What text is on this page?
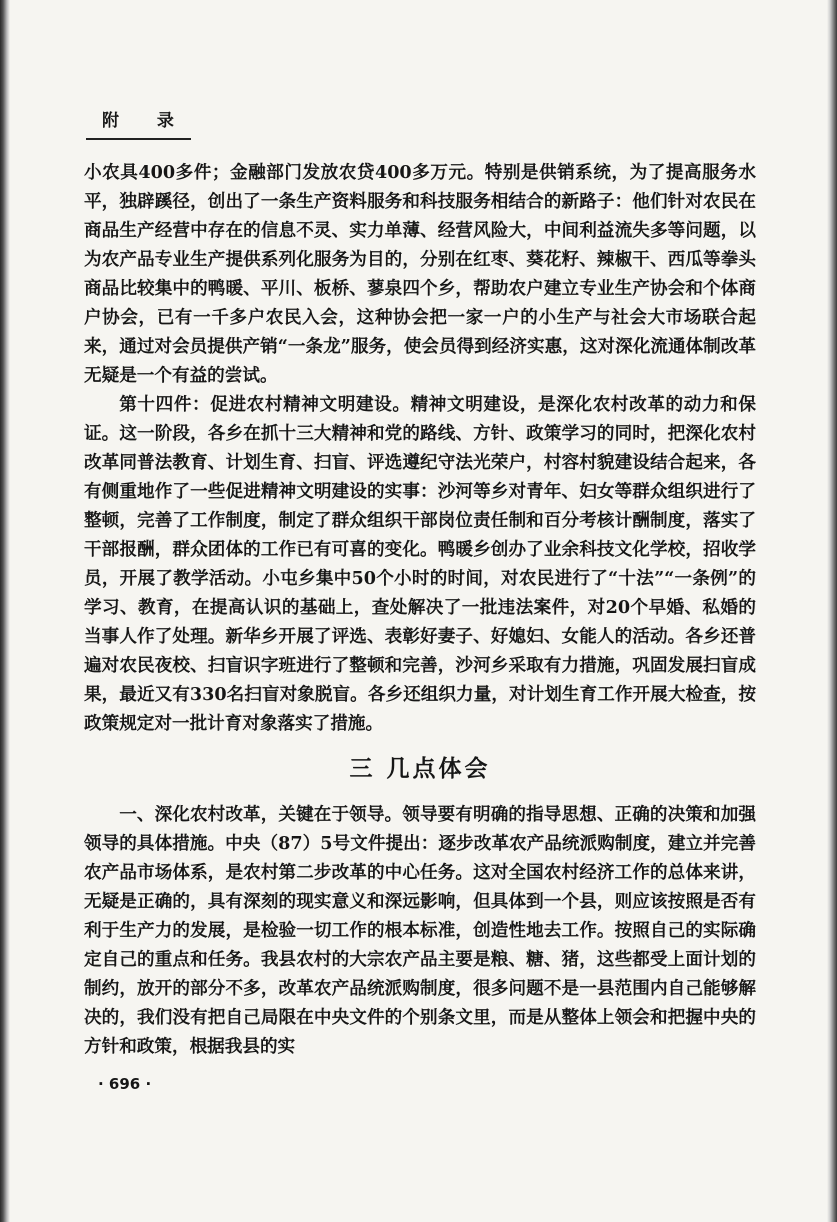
附 录

小农具400多件；金融部门发放农贷400多万元。特别是供销系统，为了提高服务水平，独辟蹊径，创出了一条生产资料服务和科技服务相结合的新路子：他们针对农民在商品生产经营中存在的信息不灵、实力单薄、经营风险大，中间利益流失多等问题，以为农产品专业生产提供系列化服务为目的，分别在红枣、葵花籽、辣椒干、西瓜等拳头商品比较集中的鸭暖、平川、板桥、蓼泉四个乡，帮助农户建立专业生产协会和个体商户协会，已有一千多户农民入会，这种协会把一家一户的小生产与社会大市场联合起来，通过对会员提供产销“一条龙”服务，使会员得到经济实惠，这对深化流通体制改革无疑是一个有益的尝试。

第十四件：促进农村精神文明建设。精神文明建设，是深化农村改革的动力和保证。这一阶段，各乡在抓十三大精神和党的路线、方针、政策学习的同时，把深化农村改革同普法教育、计划生育、扫盲、评选遵纪守法光荣户，村容村貌建设结合起来，各有侧重地作了一些促进精神文明建设的实事：沙河等乡对青年、妇女等群众组织进行了整顿，完善了工作制度，制定了群众组织干部岗位责任制和百分考核计酬制度，落实了干部报酬，群众团体的工作已有可喜的变化。鸭暖乡创办了业余科技文化学校，招收学员，开展了教学活动。小屯乡集中50个小时的时间，对农民进行了“十法”“一条例”的学习、教育，在提高认识的基础上，查处解决了一批违法案件，对20个早婚、私婚的当事人作了处理。新华乡开展了评选、表彰好妻子、好媳妇、女能人的活动。各乡还普遍对农民夜校、扫盲识字班进行了整顿和完善，沙河乡采取有力措施，巩固发展扫盲成果，最近又有330名扫盲对象脱盲。各乡还组织力量，对计划生育工作开展大检查，按政策规定对一批计育对象落实了措施。

三 几点体会

一、深化农村改革，关键在于领导。领导要有明确的指导思想、正确的决策和加强领导的具体措施。中央（87）5号文件提出：逐步改革农产品统派购制度，建立并完善农产品市场体系，是农村第二步改革的中心任务。这对全国农村经济工作的总体来讲，无疑是正确的，具有深刻的现实意义和深远影响，但具体到一个县，则应该按照是否有利于生产力的发展，是检验一切工作的根本标准，创造性地去工作。按照自己的实际确定自己的重点和任务。我县农村的大宗农产品主要是粮、糖、猪，这些都受上面计划的制约，放开的部分不多，改革农产品统派购制度，很多问题不是一县范围内自己能够解决的，我们没有把自己局限在中央文件的个别条文里，而是从整体上领会和把握中央的方针和政策，根据我县的实

· 696 ·
